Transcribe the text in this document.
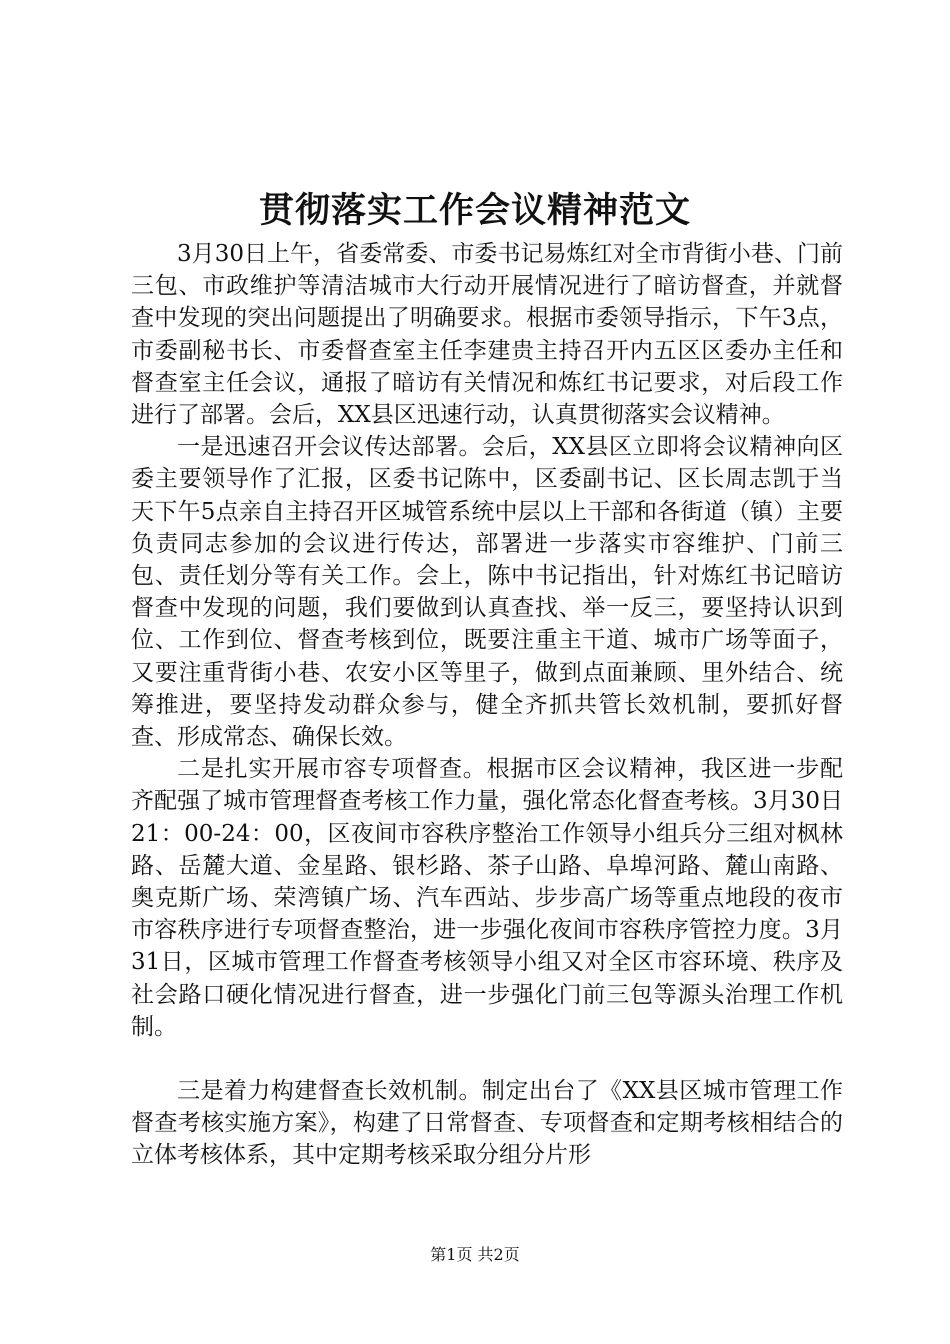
贯彻落实工作会议精神范文

3月30日上午，省委常委、市委书记易炼红对全市背街小巷、门前三包、市政维护等清洁城市大行动开展情况进行了暗访督查，并就督查中发现的突出问题提出了明确要求。根据市委领导指示，下午3点，市委副秘书长、市委督查室主任李建贵主持召开内五区区委办主任和督查室主任会议，通报了暗访有关情况和炼红书记要求，对后段工作进行了部署。会后，XX县区迅速行动，认真贯彻落实会议精神。

一是迅速召开会议传达部署。会后，XX县区立即将会议精神向区委主要领导作了汇报，区委书记陈中，区委副书记、区长周志凯于当天下午5点亲自主持召开区城管系统中层以上干部和各街道（镇）主要负责同志参加的会议进行传达，部署进一步落实市容维护、门前三包、责任划分等有关工作。会上，陈中书记指出，针对炼红书记暗访督查中发现的问题，我们要做到认真查找、举一反三，要坚持认识到位、工作到位、督查考核到位，既要注重主干道、城市广场等面子，又要注重背街小巷、农安小区等里子，做到点面兼顾、里外结合、统筹推进，要坚持发动群众参与，健全齐抓共管长效机制，要抓好督查、形成常态、确保长效。

二是扎实开展市容专项督查。根据市区会议精神，我区进一步配齐配强了城市管理督查考核工作力量，强化常态化督查考核。3月30日21：00-24：00，区夜间市容秩序整治工作领导小组兵分三组对枫林路、岳麓大道、金星路、银杉路、茶子山路、阜埠河路、麓山南路、奥克斯广场、荣湾镇广场、汽车西站、步步高广场等重点地段的夜市市容秩序进行专项督查整治，进一步强化夜间市容秩序管控力度。3月31日，区城市管理工作督查考核领导小组又对全区市容环境、秩序及社会路口硬化情况进行督查，进一步强化门前三包等源头治理工作机制。

三是着力构建督查长效机制。制定出台了《XX县区城市管理工作督查考核实施方案》，构建了日常督查、专项督查和定期考核相结合的立体考核体系，其中定期考核采取分组分片形

第1页 共2页
